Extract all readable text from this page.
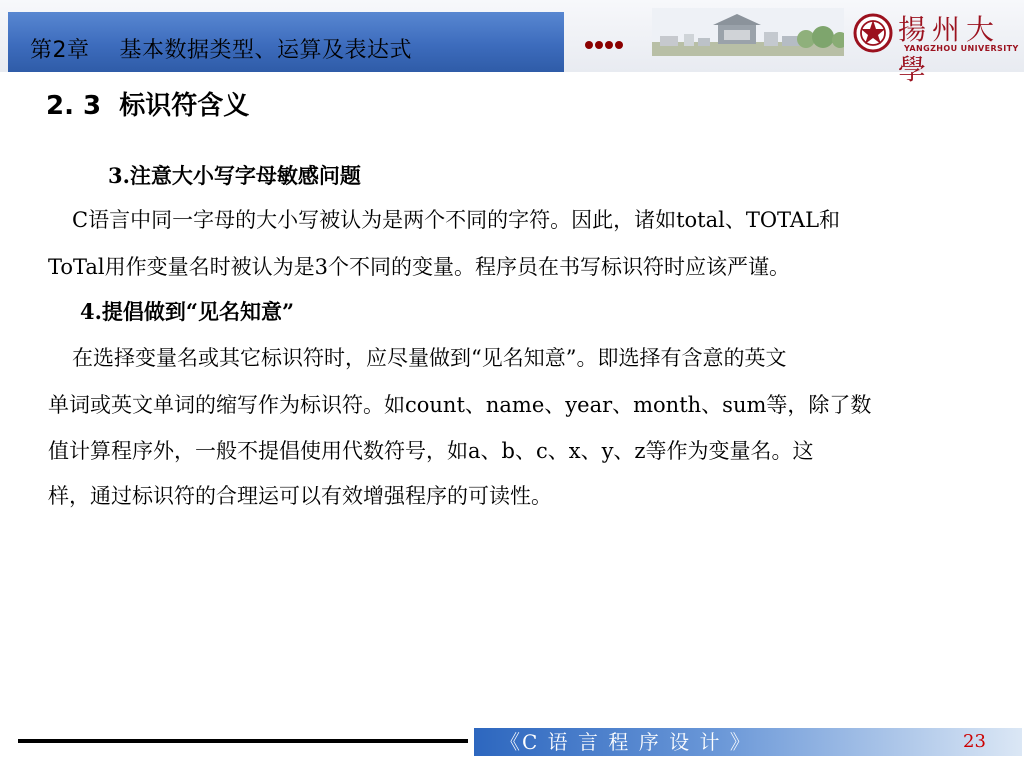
第2章    基本数据类型、运算及表达式
揚州大學
YANGZHOU UNIVERSITY
2. 3  标识符含义
3.注意大小写字母敏感问题
C语言中同一字母的大小写被认为是两个不同的字符。因此，诸如total、TOTAL和
ToTal用作变量名时被认为是3个不同的变量。程序员在书写标识符时应该严谨。
4.提倡做到“见名知意”
在选择变量名或其它标识符时，应尽量做到“见名知意”。即选择有含意的英文
单词或英文单词的缩写作为标识符。如count、name、year、month、sum等，除了数
值计算程序外，一般不提倡使用代数符号，如a、b、c、x、y、z等作为变量名。这
样，通过标识符的合理运可以有效增强程序的可读性。
《C 语 言 程 序 设 计 》	23
